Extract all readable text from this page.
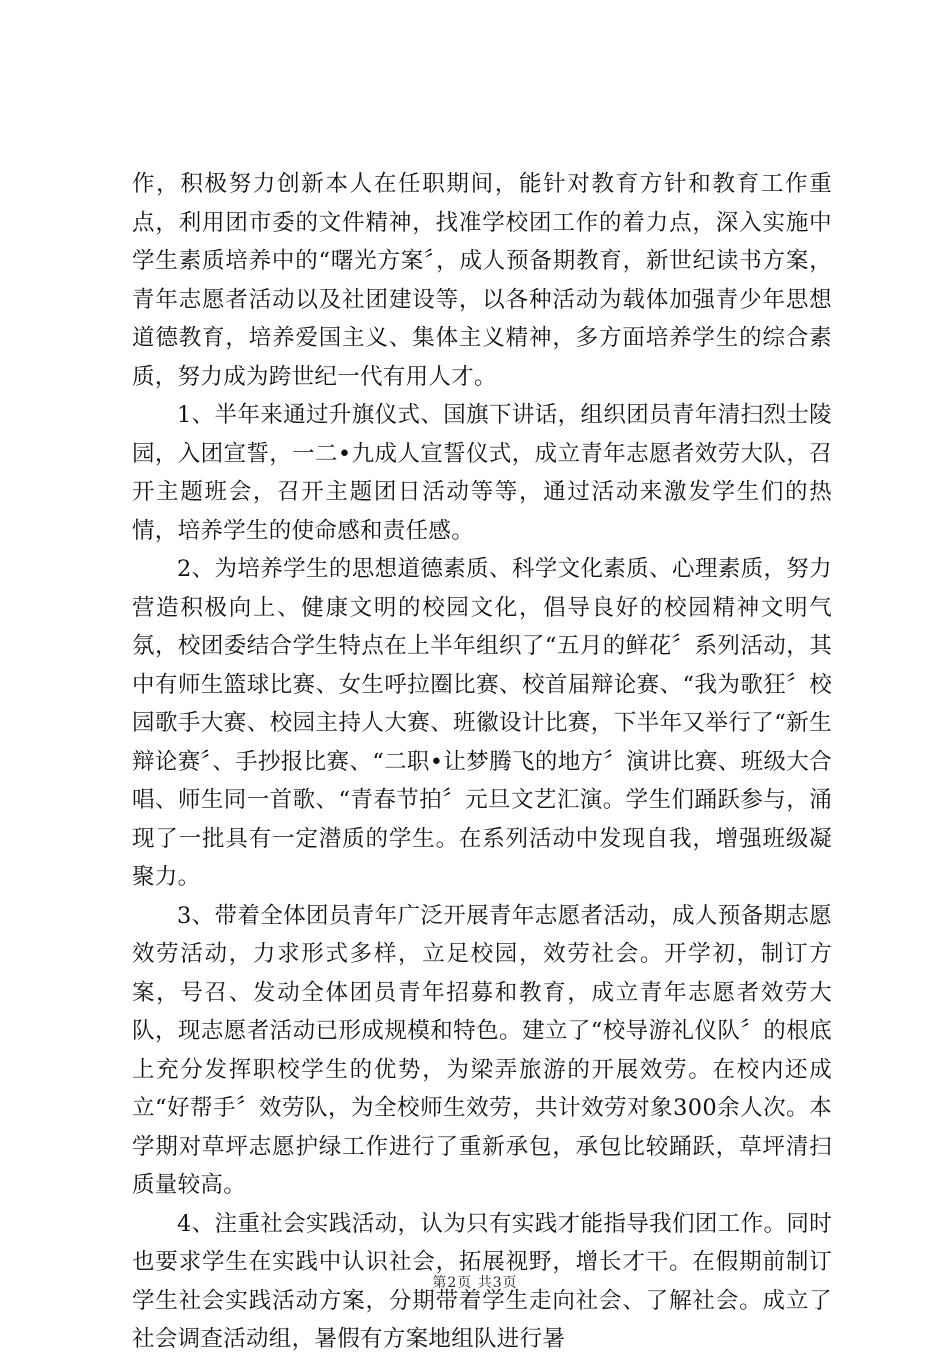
作，积极努力创新本人在任职期间，能针对教育方针和教育工作重点，利用团市委的文件精神，找准学校团工作的着力点，深入实施中学生素质培养中的“曙光方案〞，成人预备期教育，新世纪读书方案，青年志愿者活动以及社团建设等，以各种活动为载体加强青少年思想道德教育，培养爱国主义、集体主义精神，多方面培养学生的综合素质，努力成为跨世纪一代有用人才。

1、半年来通过升旗仪式、国旗下讲话，组织团员青年清扫烈士陵园，入团宣誓，一二•九成人宣誓仪式，成立青年志愿者效劳大队，召开主题班会，召开主题团日活动等等，通过活动来激发学生们的热情，培养学生的使命感和责任感。

2、为培养学生的思想道德素质、科学文化素质、心理素质，努力营造积极向上、健康文明的校园文化，倡导良好的校园精神文明气氛，校团委结合学生特点在上半年组织了“五月的鲜花〞系列活动，其中有师生篮球比赛、女生呼拉圈比赛、校首届辩论赛、“我为歌狂〞校园歌手大赛、校园主持人大赛、班徽设计比赛，下半年又举行了“新生辩论赛〞、手抄报比赛、“二职•让梦腾飞的地方〞演讲比赛、班级大合唱、师生同一首歌、“青春节拍〞元旦文艺汇演。学生们踊跃参与，涌现了一批具有一定潜质的学生。在系列活动中发现自我，增强班级凝聚力。

3、带着全体团员青年广泛开展青年志愿者活动，成人预备期志愿效劳活动，力求形式多样，立足校园，效劳社会。开学初，制订方案，号召、发动全体团员青年招募和教育，成立青年志愿者效劳大队，现志愿者活动已形成规模和特色。建立了“校导游礼仪队〞的根底上充分发挥职校学生的优势，为梁弄旅游的开展效劳。在校内还成立“好帮手〞效劳队，为全校师生效劳，共计效劳对象300余人次。本学期对草坪志愿护绿工作进行了重新承包，承包比较踊跃，草坪清扫质量较高。

4、注重社会实践活动，认为只有实践才能指导我们团工作。同时也要求学生在实践中认识社会，拓展视野，增长才干。在假期前制订学生社会实践活动方案，分期带着学生走向社会、了解社会。成立了社会调查活动组，暑假有方案地组队进行暑

第2页 共3页
